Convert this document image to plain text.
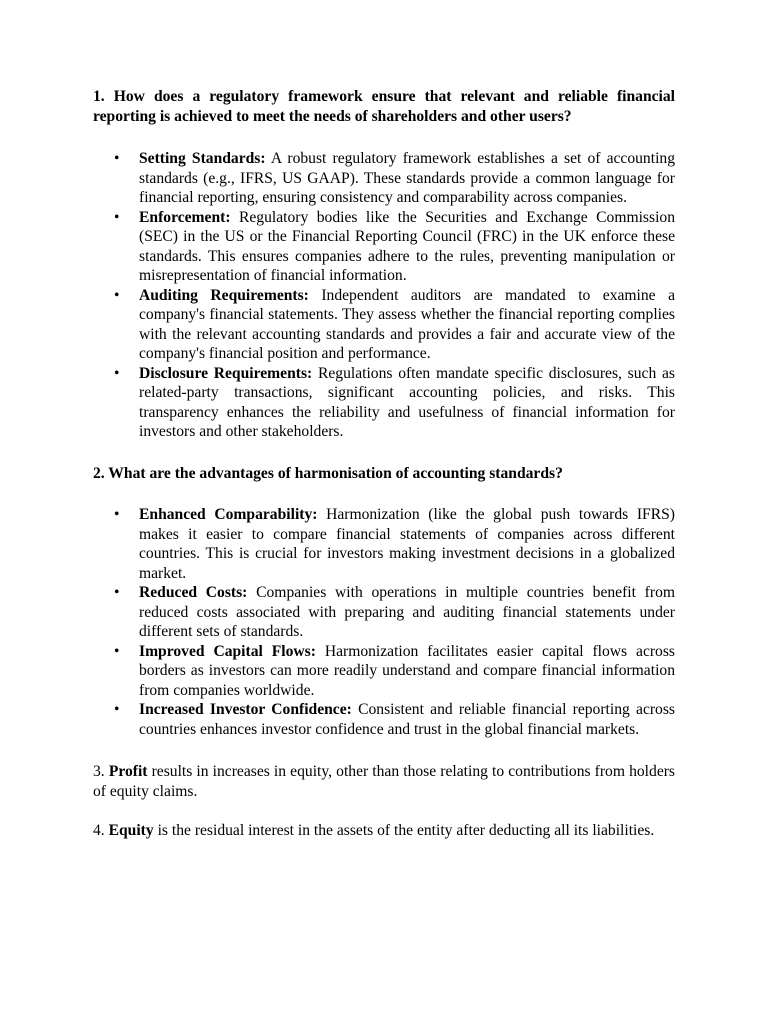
1. How does a regulatory framework ensure that relevant and reliable financial reporting is achieved to meet the needs of shareholders and other users?

• Setting Standards: A robust regulatory framework establishes a set of accounting standards (e.g., IFRS, US GAAP). These standards provide a common language for financial reporting, ensuring consistency and comparability across companies.
• Enforcement: Regulatory bodies like the Securities and Exchange Commission (SEC) in the US or the Financial Reporting Council (FRC) in the UK enforce these standards. This ensures companies adhere to the rules, preventing manipulation or misrepresentation of financial information.
• Auditing Requirements: Independent auditors are mandated to examine a company's financial statements. They assess whether the financial reporting complies with the relevant accounting standards and provides a fair and accurate view of the company's financial position and performance.
• Disclosure Requirements: Regulations often mandate specific disclosures, such as related-party transactions, significant accounting policies, and risks. This transparency enhances the reliability and usefulness of financial information for investors and other stakeholders.

2. What are the advantages of harmonisation of accounting standards?

• Enhanced Comparability: Harmonization (like the global push towards IFRS) makes it easier to compare financial statements of companies across different countries. This is crucial for investors making investment decisions in a globalized market.
• Reduced Costs: Companies with operations in multiple countries benefit from reduced costs associated with preparing and auditing financial statements under different sets of standards.
• Improved Capital Flows: Harmonization facilitates easier capital flows across borders as investors can more readily understand and compare financial information from companies worldwide.
• Increased Investor Confidence: Consistent and reliable financial reporting across countries enhances investor confidence and trust in the global financial markets.

3. Profit results in increases in equity, other than those relating to contributions from holders of equity claims.

4. Equity is the residual interest in the assets of the entity after deducting all its liabilities.
